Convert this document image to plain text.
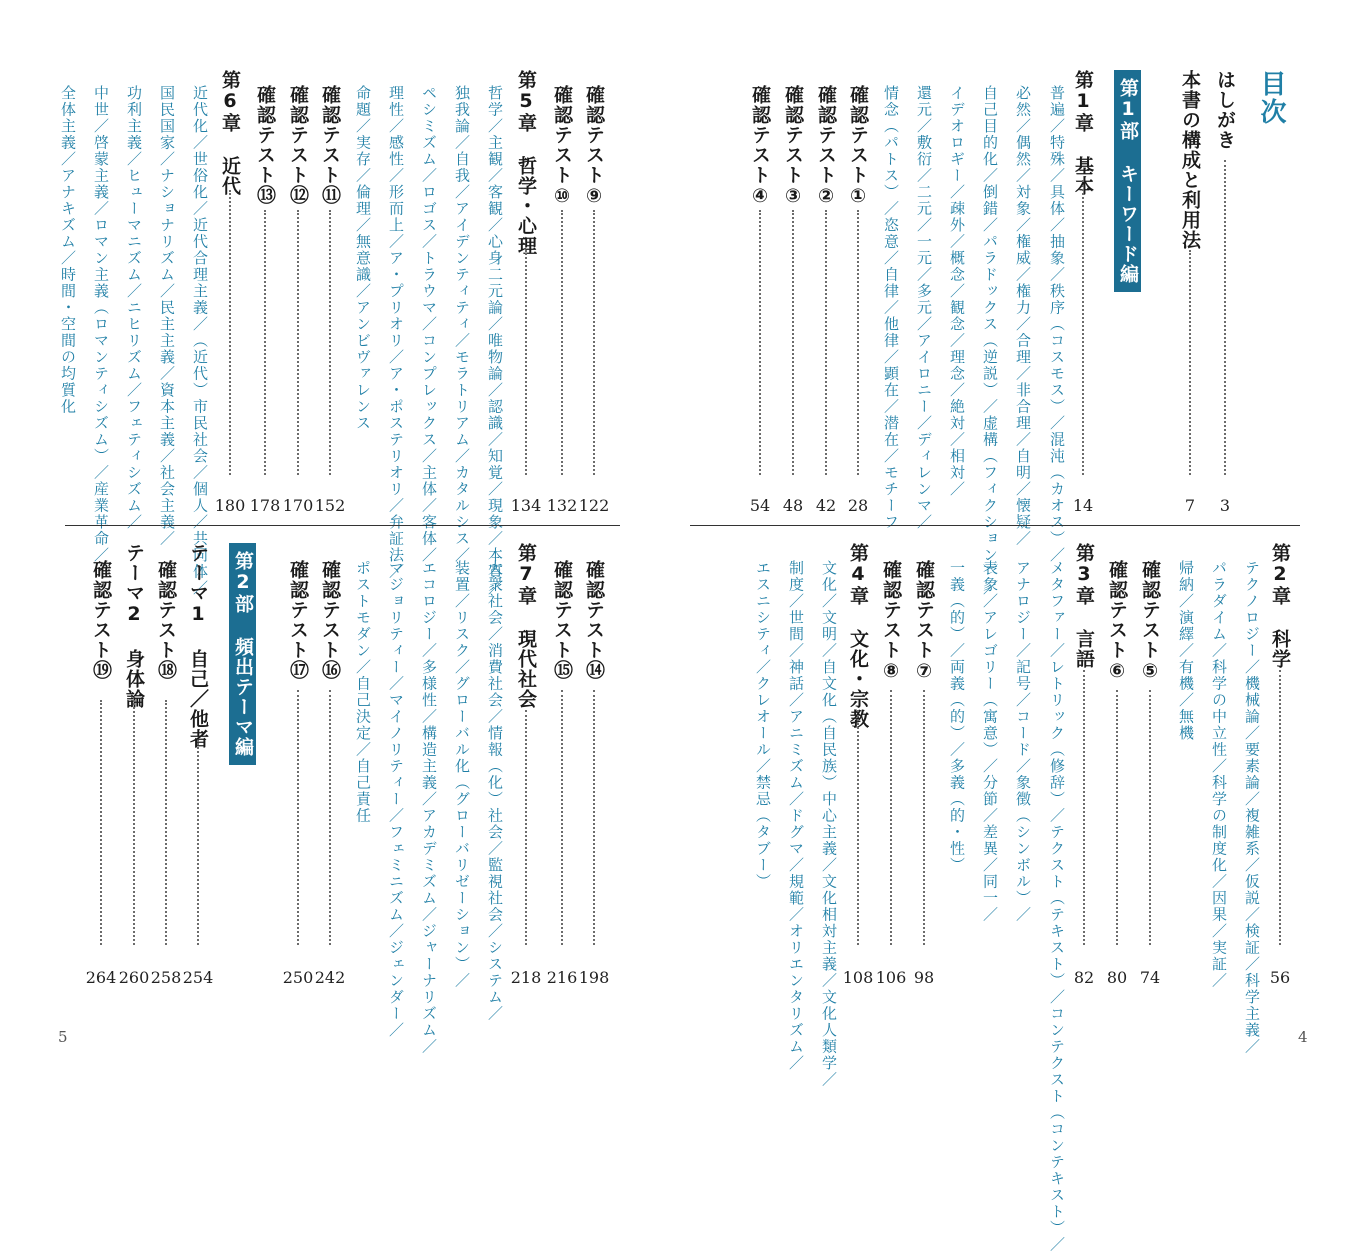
目次
はしがき
3
本書の構成と利用法
7
第1部 キーワード編
第1章 基本
14
普遍／特殊／具体／抽象／秩序（コスモス）／混沌（カオス）／
必然／偶然／対象／権威／権力／合理／非合理／自明／懐疑／
自己目的化／倒錯／パラドックス（逆説）／虚構（フィクション）／
イデオロギー／疎外／概念／観念／理念／絶対／相対／
還元／敷衍／二元／一元／多元／アイロニー／ディレンマ／
情念（パトス）／恣意／自律／他律／顕在／潜在／モチーフ
確認テスト①
28
確認テスト②
42
確認テスト③
48
確認テスト④
54
第2章 科学
56
テクノロジー／機械論／要素論／複雑系／仮説／検証／科学主義／
パラダイム／科学の中立性／科学の制度化／因果／実証／
帰納／演繹／有機／無機
確認テスト⑤
74
確認テスト⑥
80
第3章 言語
82
メタファー／レトリック（修辞）／テクスト（テキスト）／コンテクスト（コンテキスト）／
アナロジー／記号／コード／象徴（シンボル）／
表象／アレゴリー（寓意）／分節／差異／同一／
一義（的）／両義（的）／多義（的・性）
確認テスト⑦
98
確認テスト⑧
106
第4章 文化・宗教
108
文化／文明／自文化（自民族）中心主義／文化相対主義／文化人類学／
制度／世間／神話／アニミズム／ドグマ／規範／オリエンタリズム／
エスニシティ／クレオール／禁忌（タブー）
確認テスト⑨
122
確認テスト⑩
132
第5章 哲学・心理
134
哲学／主観／客観／心身二元論／唯物論／認識／知覚／現象／本質／
独我論／自我／アイデンティティ／モラトリアム／カタルシス／
ペシミズム／ロゴス／トラウマ／コンプレックス／主体／客体／
理性／感性／形而上／ア・プリオリ／ア・ポステリオリ／弁証法／
命題／実存／倫理／無意識／アンビヴァレンス
確認テスト⑪
152
確認テスト⑫
170
確認テスト⑬
178
第6章 近代
180
近代化／世俗化／近代合理主義／（近代）市民社会／個人／共同体／
国民国家／ナショナリズム／民主主義／資本主義／社会主義／
功利主義／ヒューマニズム／ニヒリズム／フェティシズム／
中世／啓蒙主義／ロマン主義（ロマンティシズム）／産業革命／
全体主義／アナキズム／時間・空間の均質化
確認テスト⑭
198
確認テスト⑮
216
第7章 現代社会
218
大衆社会／消費社会／情報（化）社会／監視社会／システム／
装置／リスク／グローバル化（グローバリゼーション）／
エコロジー／多様性／構造主義／アカデミズム／ジャーナリズム／
マジョリティー／マイノリティー／フェミニズム／ジェンダー／
ポストモダン／自己決定／自己責任
確認テスト⑯
242
確認テスト⑰
250
第2部 頻出テーマ編
テーマ1 自己／他者
254
確認テスト⑱
258
テーマ2 身体論
260
確認テスト⑲
264
5	4
